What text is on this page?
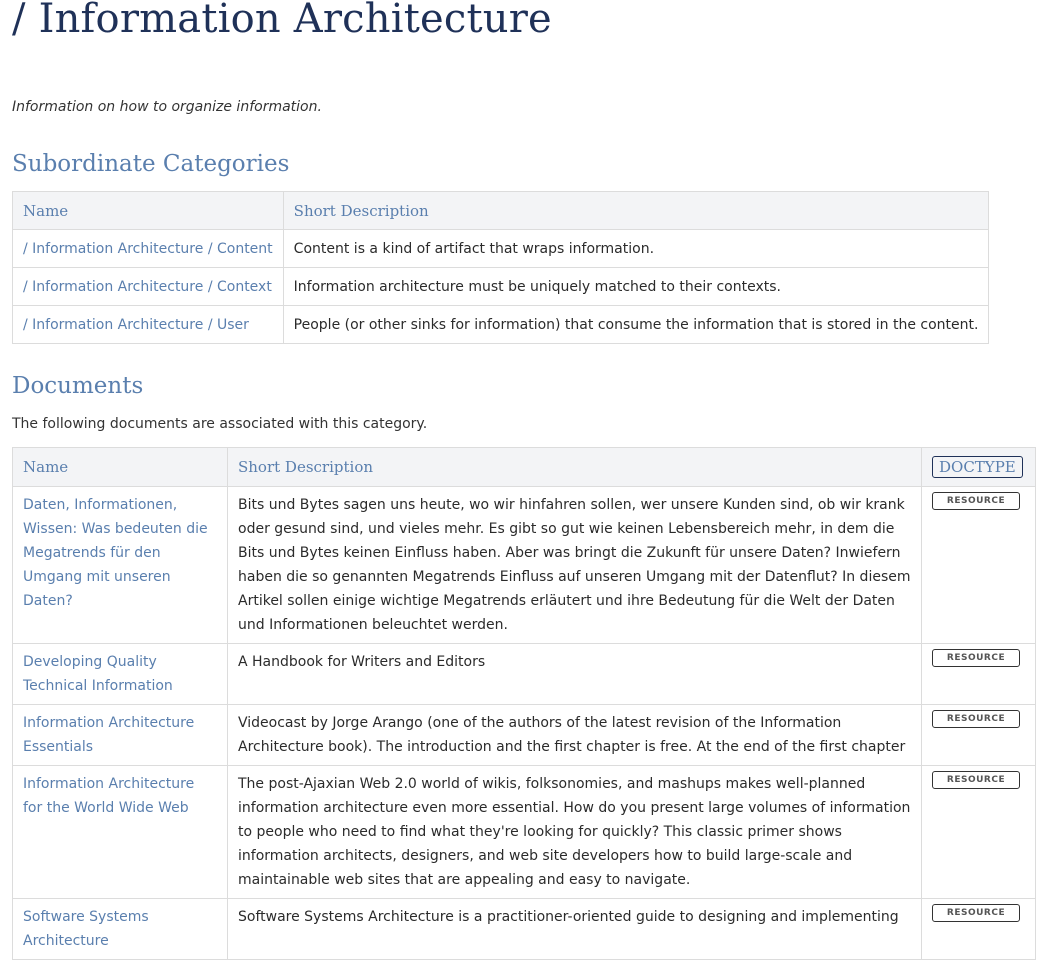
/ Information Architecture

Information on how to organize information.

Subordinate Categories
Name	Short Description
/ Information Architecture / Content	Content is a kind of artifact that wraps information.
/ Information Architecture / Context	Information architecture must be uniquely matched to their contexts.
/ Information Architecture / User	People (or other sinks for information) that consume the information that is stored in the content.
Documents

The following documents are associated with this category.

Name	Short Description	DOCTYPE
Daten, Informationen, Wissen: Was bedeuten die Megatrends für den Umgang mit unseren Daten?	Bits und Bytes sagen uns heute, wo wir hinfahren sollen, wer unsere Kunden sind, ob wir krank oder gesund sind, und vieles mehr. Es gibt so gut wie keinen Lebensbereich mehr, in dem die Bits und Bytes keinen Einfluss haben. Aber was bringt die Zukunft für unsere Daten? Inwiefern haben die so genannten Megatrends Einfluss auf unseren Umgang mit der Datenflut? In diesem Artikel sollen einige wichtige Megatrends erläutert und ihre Bedeutung für die Welt der Daten und Informationen beleuchtet werden.	RESOURCE

Developing Quality Technical Information	A Handbook for Writers and Editors	RESOURCE

Information Architecture Essentials	Videocast by Jorge Arango (one of the authors of the latest revision of the Information Architecture book). The introduction and the first chapter is free. At the end of the first chapter	RESOURCE

Information Architecture for the World Wide Web	The post-Ajaxian Web 2.0 world of wikis, folksonomies, and mashups makes well-planned information architecture even more essential. How do you present large volumes of information to people who need to find what they're looking for quickly? This classic primer shows information architects, designers, and web site developers how to build large-scale and maintainable web sites that are appealing and easy to navigate.	RESOURCE

Software Systems Architecture	Software Systems Architecture is a practitioner-oriented guide to designing and implementing	RESOURCE
